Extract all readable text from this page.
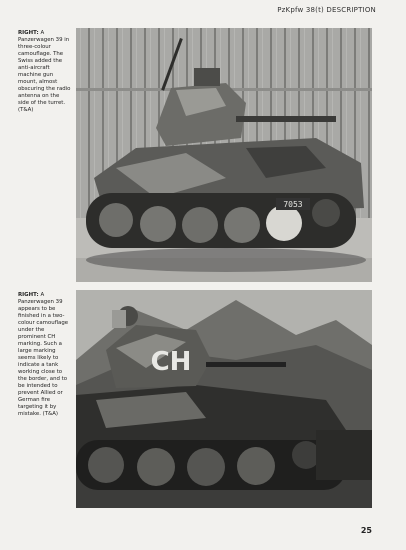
PzKpfw 38(t) DESCRIPTION
RIGHT: A Panzerwagen 39 in three-colour camouflage. The Swiss added the anti-aircraft machine gun mount, almost obscuring the radio antenna on the side of the turret. (T&A)
7053
RIGHT: A Panzerwagen 39 appears to be finished in a two-colour camouflage under the prominent CH marking. Such a large marking seems likely to indicate a tank working close to the border, and to be intended to prevent Allied or German fire targeting it by mistake. (T&A)
CH
25
